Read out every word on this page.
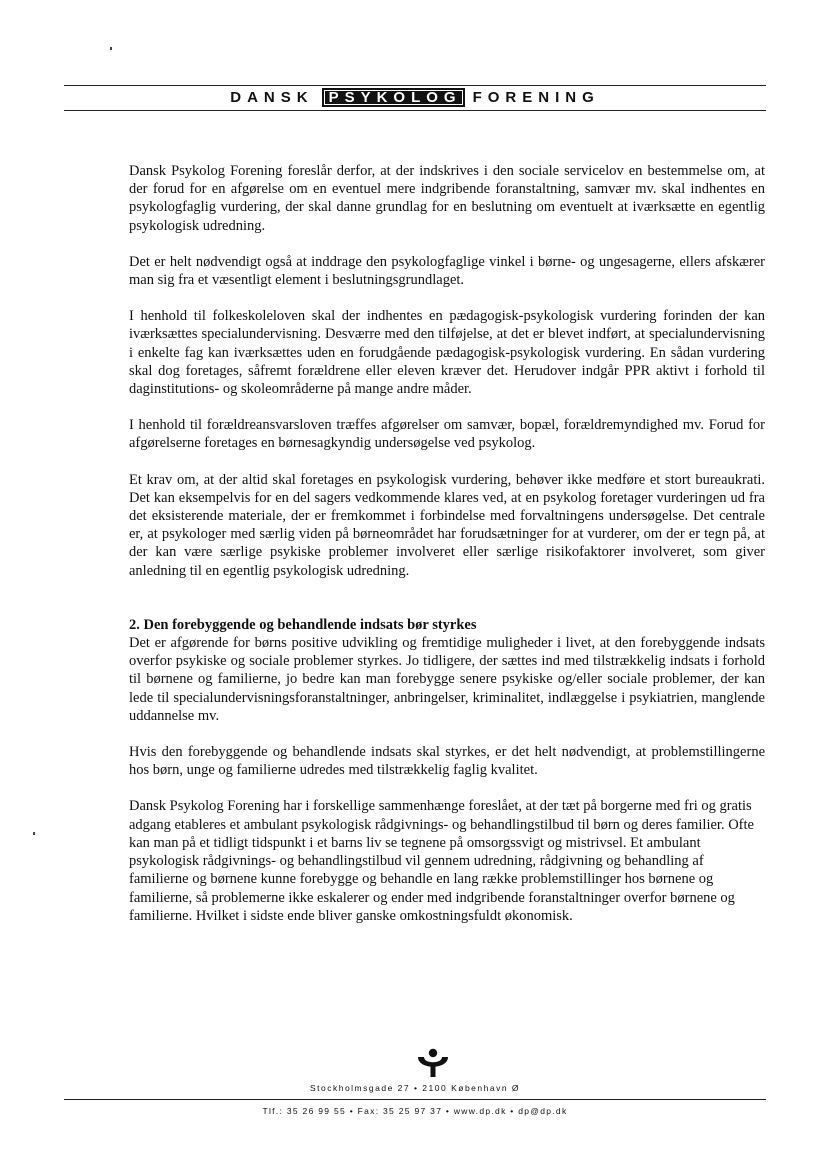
DANSK PSYKOLOG FORENING

Dansk Psykolog Forening foreslår derfor, at der indskrives i den sociale servicelov en bestemmelse om, at der forud for en afgørelse om en eventuel mere indgribende foranstaltning, samvær mv. skal indhentes en psykologfaglig vurdering, der skal danne grundlag for en beslutning om eventuelt at iværksætte en egentlig psykologisk udredning.

Det er helt nødvendigt også at inddrage den psykologfaglige vinkel i børne- og ungesagerne, ellers afskærer man sig fra et væsentligt element i beslutningsgrundlaget.

I henhold til folkeskoleloven skal der indhentes en pædagogisk-psykologisk vurdering forinden der kan iværksættes specialundervisning. Desværre med den tilføjelse, at det er blevet indført, at specialundervisning i enkelte fag kan iværksættes uden en forudgående pædagogisk-psykologisk vurdering. En sådan vurdering skal dog foretages, såfremt forældrene eller eleven kræver det. Herudover indgår PPR aktivt i forhold til daginstitutions- og skoleområderne på mange andre måder.

I henhold til forældreansvarsloven træffes afgørelser om samvær, bopæl, forældremyndighed mv. Forud for afgørelserne foretages en børnesagkyndig undersøgelse ved psykolog.

Et krav om, at der altid skal foretages en psykologisk vurdering, behøver ikke medføre et stort bureaukrati. Det kan eksempelvis for en del sagers vedkommende klares ved, at en psykolog foretager vurderingen ud fra det eksisterende materiale, der er fremkommet i forbindelse med forvaltningens undersøgelse. Det centrale er, at psykologer med særlig viden på børneområdet har forudsætninger for at vurderer, om der er tegn på, at der kan være særlige psykiske problemer involveret eller særlige risikofaktorer involveret, som giver anledning til en egentlig psykologisk udredning.

2. Den forebyggende og behandlende indsats bør styrkes

Det er afgørende for børns positive udvikling og fremtidige muligheder i livet, at den forebyggende indsats overfor psykiske og sociale problemer styrkes. Jo tidligere, der sættes ind med tilstrækkelig indsats i forhold til børnene og familierne, jo bedre kan man forebygge senere psykiske og/eller sociale problemer, der kan lede til specialundervisningsforanstaltninger, anbringelser, kriminalitet, indlæggelse i psykiatrien, manglende uddannelse mv.

Hvis den forebyggende og behandlende indsats skal styrkes, er det helt nødvendigt, at problemstillingerne hos børn, unge og familierne udredes med tilstrækkelig faglig kvalitet.

Dansk Psykolog Forening har i forskellige sammenhænge foreslået, at der tæt på borgerne med fri og gratis adgang etableres et ambulant psykologisk rådgivnings- og behandlingstilbud til børn og deres familier. Ofte kan man på et tidligt tidspunkt i et barns liv se tegnene på omsorgssvigt og mistrivsel. Et ambulant psykologisk rådgivnings- og behandlingstilbud vil gennem udredning, rådgivning og behandling af familierne og børnene kunne forebygge og behandle en lang række problemstillinger hos børnene og familierne, så problemerne ikke eskalerer og ender med indgribende foranstaltninger overfor børnene og familierne. Hvilket i sidste ende bliver ganske omkostningsfuldt økonomisk.

Stockholmsgade 27 • 2100 København Ø
Tlf.: 35 26 99 55 • Fax: 35 25 97 37 • www.dp.dk • dp@dp.dk
